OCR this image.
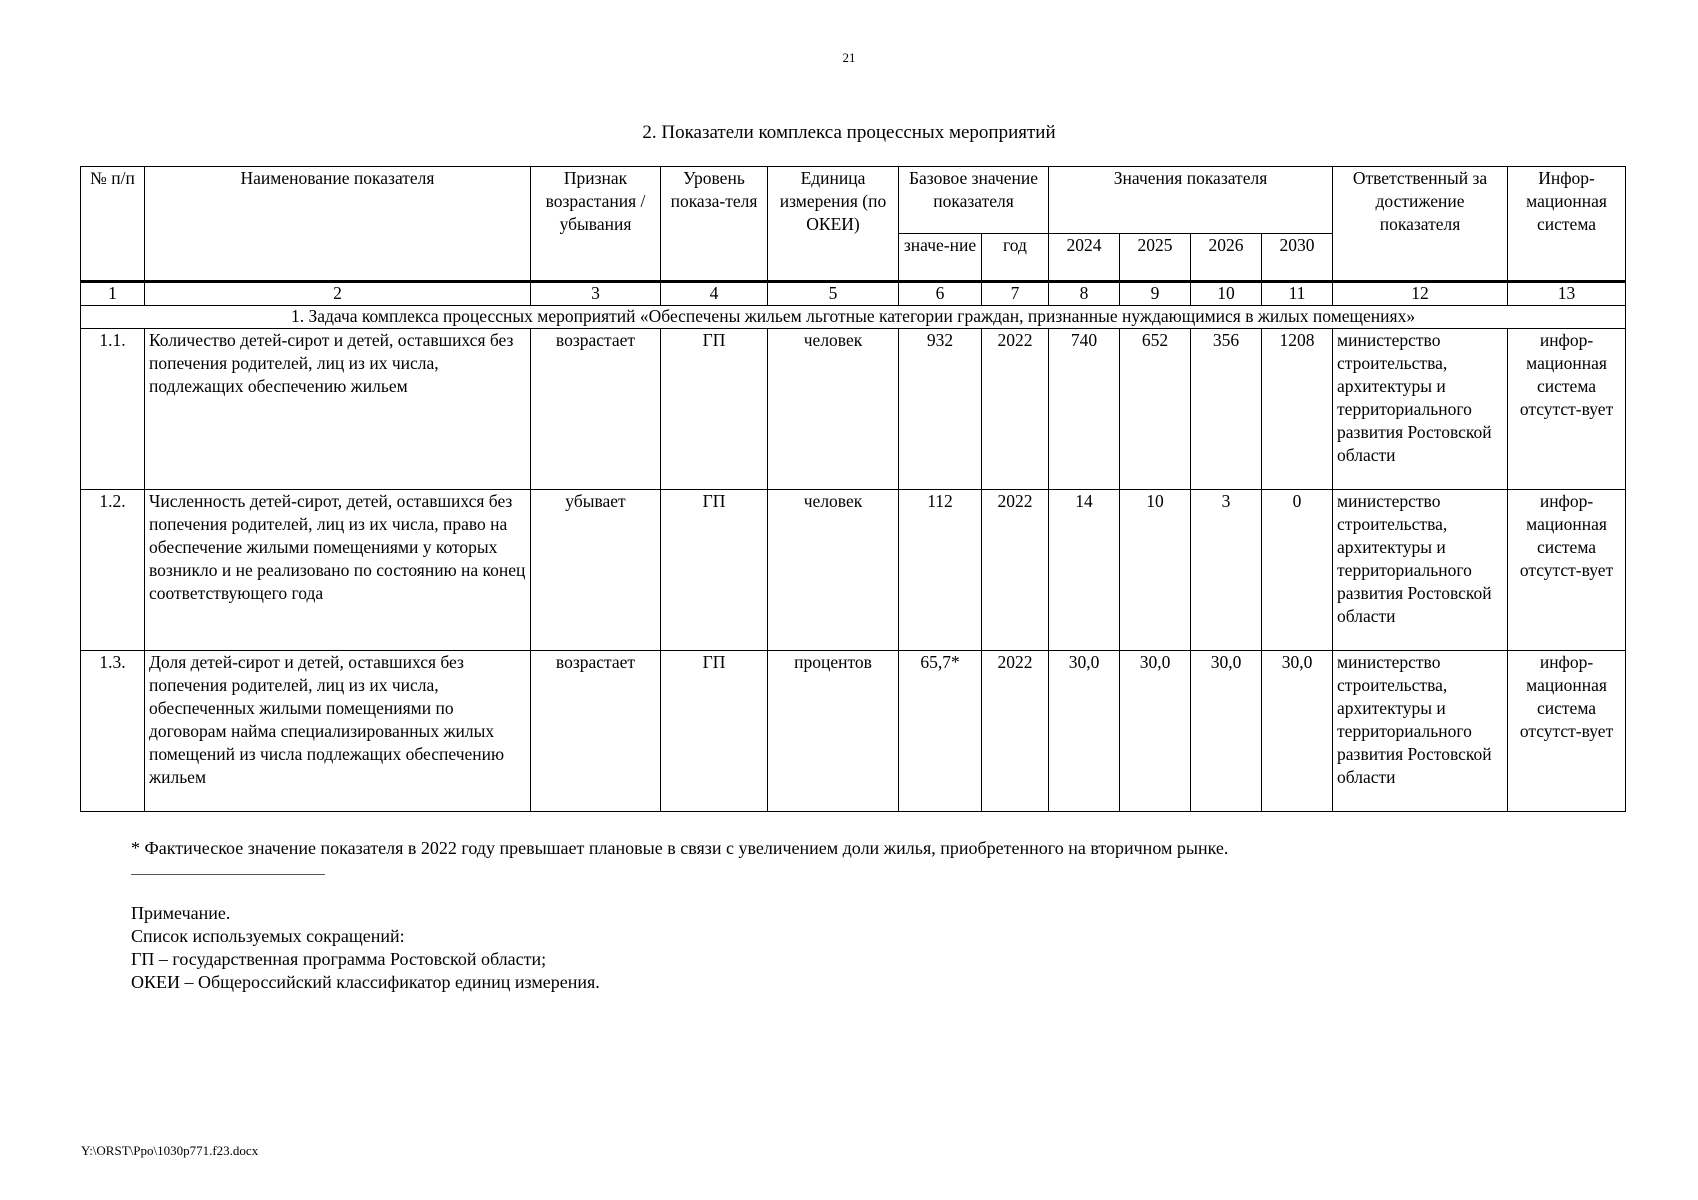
21
2. Показатели комплекса процессных мероприятий
№ п/п	Наименование показателя	Признак возрастания / убывания	Уровень показа-теля	Единица измерения (по ОКЕИ)	Базовое значение показателя		Значения показателя				Ответственный за достижение показателя	Инфор-мационная система
					значе-ние	год	2024	2025	2026	2030		
1	2	3	4	5	6	7	8	9	10	11	12	13
1. Задача комплекса процессных мероприятий «Обеспечены жильем льготные категории граждан, признанные нуждающимися в жилых помещениях»												
1.1.	Количество детей-сирот и детей, оставшихся без попечения родителей, лиц из их числа, подлежащих обеспечению жильем	возрастает	ГП	человек	932	2022	740	652	356	1208	министерство строительства, архитектуры и территориального развития Ростовской области	инфор-мационная система отсутст-вует
1.2.	Численность детей-сирот, детей, оставшихся без попечения родителей, лиц из их числа, право на обеспечение жилыми помещениями у которых возникло и не реализовано по состоянию на конец соответствующего года	убывает	ГП	человек	112	2022	14	10	3	0	министерство строительства, архитектуры и территориального развития Ростовской области	инфор-мационная система отсутст-вует
1.3.	Доля детей-сирот и детей, оставшихся без попечения родителей, лиц из их числа, обеспеченных жилыми помещениями по договорам найма специализированных жилых помещений из числа подлежащих обеспечению жильем	возрастает	ГП	процентов	65,7*	2022	30,0	30,0	30,0	30,0	министерство строительства, архитектуры и территориального развития Ростовской области	инфор-мационная система отсутст-вует
* Фактическое значение показателя в 2022 году превышает плановые в связи с увеличением доли жилья, приобретенного на вторичном рынке.
Примечание.
Список используемых сокращений:
ГП – государственная программа Ростовской области;
ОКЕИ – Общероссийский классификатор единиц измерения.
Y:\ORST\Ppo\1030p771.f23.docx
